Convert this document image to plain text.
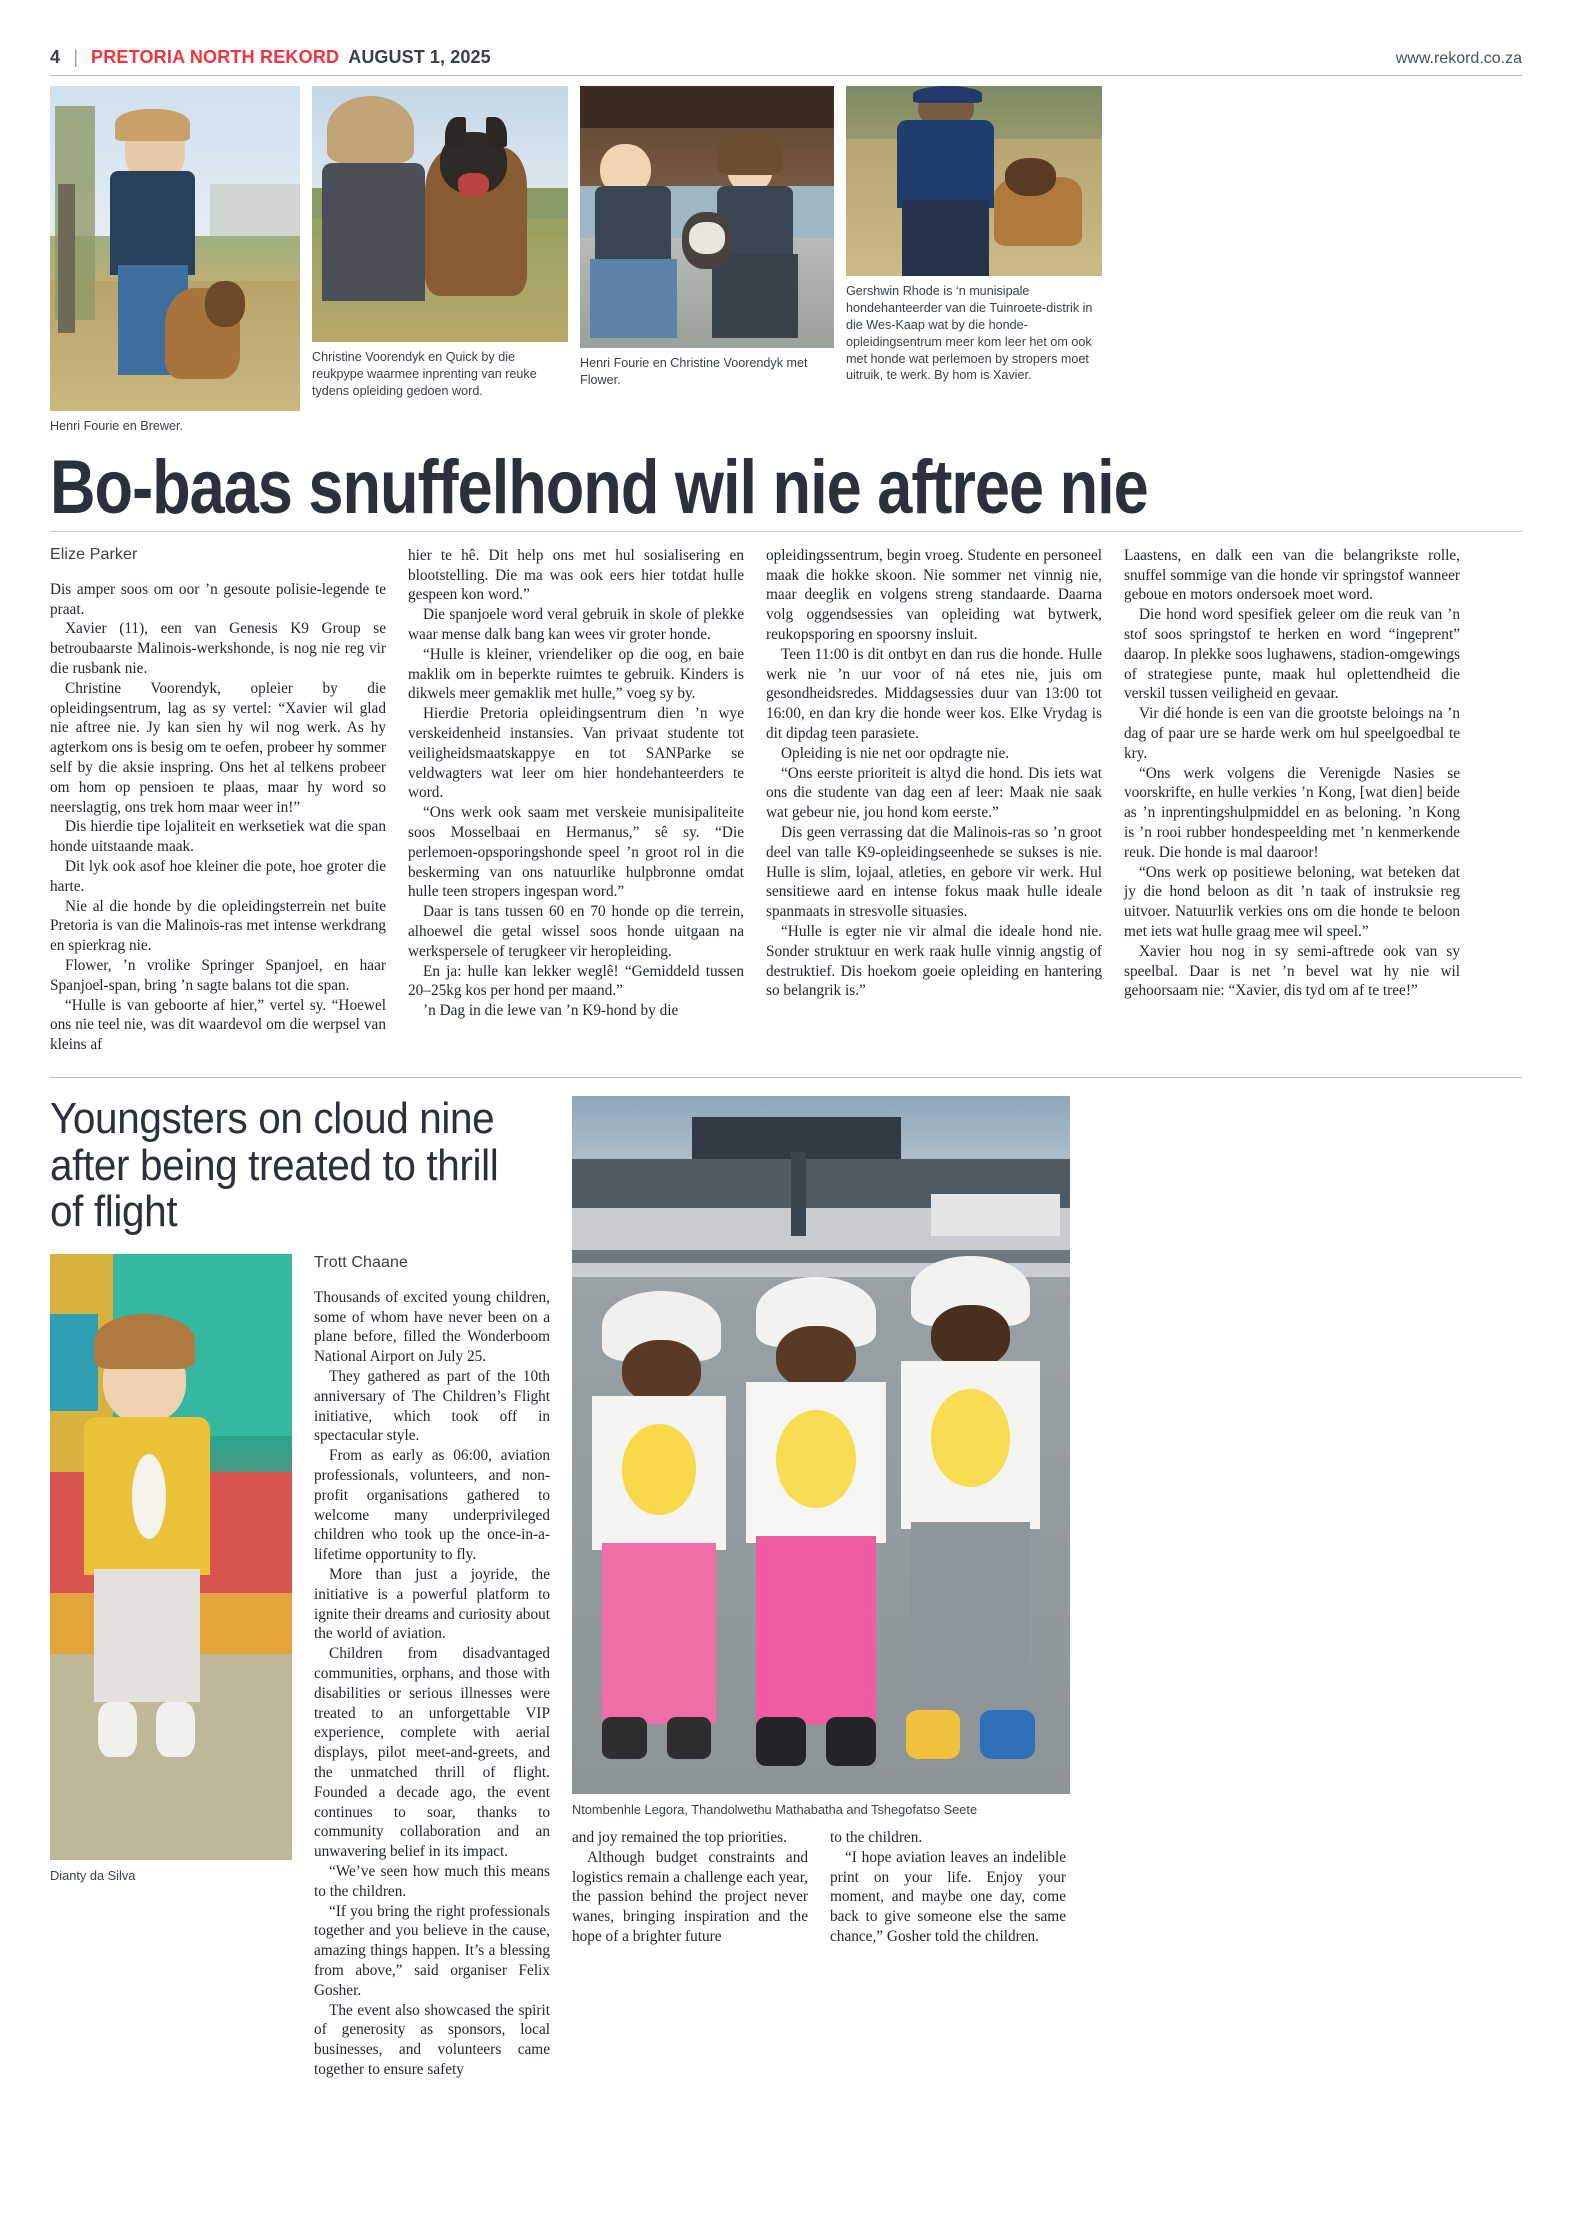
4 | PRETORIA NORTH REKORD AUGUST 1, 2025	www.rekord.co.za
Henri Fourie en Brewer.
Christine Voorendyk en Quick by die reukpype waarmee inprenting van reuke tydens opleiding gedoen word.
Henri Fourie en Christine Voorendyk met Flower.
Gershwin Rhode is ‘n munisipale hondehanteerder van die Tuinroete-distrik in die Wes-Kaap wat by die honde-opleidingsentrum meer kom leer het om ook met honde wat perlemoen by stropers moet uitruik, te werk. By hom is Xavier.
Bo-baas snuffelhond wil nie aftree nie
Elize Parker

Dis amper soos om oor ’n gesoute polisie-legende te praat.

Xavier (11), een van Genesis K9 Group se betroubaarste Malinois-werkshonde, is nog nie reg vir die rusbank nie.

Christine Voorendyk, opleier by die opleidingsentrum, lag as sy vertel: “Xavier wil glad nie aftree nie. Jy kan sien hy wil nog werk. As hy agterkom ons is besig om te oefen, probeer hy sommer self by die aksie inspring. Ons het al telkens probeer om hom op pensioen te plaas, maar hy word so neerslagtig, ons trek hom maar weer in!”

Dis hierdie tipe lojaliteit en werksetiek wat die span honde uitstaande maak.

Dit lyk ook asof hoe kleiner die pote, hoe groter die harte.

Nie al die honde by die opleidingsterrein net buite Pretoria is van die Malinois-ras met intense werkdrang en spierkrag nie.

Flower, ’n vrolike Springer Spanjoel, en haar Spanjoel-span, bring ’n sagte balans tot die span.

“Hulle is van geboorte af hier,” vertel sy. “Hoewel ons nie teel nie, was dit waardevol om die werpsel van kleins af

hier te hê. Dit help ons met hul sosialisering en blootstelling. Die ma was ook eers hier totdat hulle gespeen kon word.”

Die spanjoele word veral gebruik in skole of plekke waar mense dalk bang kan wees vir groter honde.

“Hulle is kleiner, vriendeliker op die oog, en baie maklik om in beperkte ruimtes te gebruik. Kinders is dikwels meer gemaklik met hulle,” voeg sy by.

Hierdie Pretoria opleidingsentrum dien ’n wye verskeidenheid instansies. Van privaat studente tot veiligheidsmaatskappye en tot SANParke se veldwagters wat leer om hier hondehanteerders te word.

“Ons werk ook saam met verskeie munisipaliteite soos Mosselbaai en Hermanus,” sê sy. “Die perlemoen-opsporingshonde speel ’n groot rol in die beskerming van ons natuurlike hulpbronne omdat hulle teen stropers ingespan word.”

Daar is tans tussen 60 en 70 honde op die terrein, alhoewel die getal wissel soos honde uitgaan na werkspersele of terugkeer vir heropleiding.

En ja: hulle kan lekker weglê! “Gemiddeld tussen 20–25kg kos per hond per maand.”

’n Dag in die lewe van ’n K9-hond by die

opleidingssentrum, begin vroeg. Studente en personeel maak die hokke skoon. Nie sommer net vinnig nie, maar deeglik en volgens streng standaarde. Daarna volg oggendsessies van opleiding wat bytwerk, reukopsporing en spoorsny insluit.

Teen 11:00 is dit ontbyt en dan rus die honde. Hulle werk nie ’n uur voor of ná etes nie, juis om gesondheidsredes. Middagsessies duur van 13:00 tot 16:00, en dan kry die honde weer kos. Elke Vrydag is dit dipdag teen parasiete.

Opleiding is nie net oor opdragte nie.

“Ons eerste prioriteit is altyd die hond. Dis iets wat ons die studente van dag een af leer: Maak nie saak wat gebeur nie, jou hond kom eerste.”

Dis geen verrassing dat die Malinois-ras so ’n groot deel van talle K9-opleidingseenhede se sukses is nie. Hulle is slim, lojaal, atleties, en gebore vir werk. Hul sensitiewe aard en intense fokus maak hulle ideale spanmaats in stresvolle situasies.

“Hulle is egter nie vir almal die ideale hond nie. Sonder struktuur en werk raak hulle vinnig angstig of destruktief. Dis hoekom goeie opleiding en hantering so belangrik is.”

Laastens, en dalk een van die belangrikste rolle, snuffel sommige van die honde vir springstof wanneer geboue en motors ondersoek moet word.

Die hond word spesifiek geleer om die reuk van ’n stof soos springstof te herken en word “ingeprent” daarop. In plekke soos lughawens, stadion-omgewings of strategiese punte, maak hul oplettendheid die verskil tussen veiligheid en gevaar.

Vir dié honde is een van die grootste beloings na ’n dag of paar ure se harde werk om hul speelgoedbal te kry.

“Ons werk volgens die Verenigde Nasies se voorskrifte, en hulle verkies ’n Kong, [wat dien] beide as ’n inprentingshulpmiddel en as beloning. ’n Kong is ’n rooi rubber hondespeelding met ’n kenmerkende reuk. Die honde is mal daaroor!

“Ons werk op positiewe beloning, wat beteken dat jy die hond beloon as dit ’n taak of instruksie reg uitvoer. Natuurlik verkies ons om die honde te beloon met iets wat hulle graag mee wil speel.”

Xavier hou nog in sy semi-aftrede ook van sy speelbal. Daar is net ’n bevel wat hy nie wil gehoorsaam nie: “Xavier, dis tyd om af te tree!”

Youngsters on cloud nine after being treated to thrill of flight
Dianty da Silva
Trott Chaane

Thousands of excited young children, some of whom have never been on a plane before, filled the Wonderboom National Airport on July 25.

They gathered as part of the 10th anniversary of The Children’s Flight initiative, which took off in spectacular style.

From as early as 06:00, aviation professionals, volunteers, and non-profit organisations gathered to welcome many underprivileged children who took up the once-in-a-lifetime opportunity to fly.

More than just a joyride, the initiative is a powerful platform to ignite their dreams and curiosity about the world of aviation.

Children from disadvantaged communities, orphans, and those with disabilities or serious illnesses were treated to an unforgettable VIP experience, complete with aerial displays, pilot meet-and-greets, and the unmatched thrill of flight. Founded a decade ago, the event continues to soar, thanks to community collaboration and an unwavering belief in its impact.

“We’ve seen how much this means to the children.

“If you bring the right professionals together and you believe in the cause, amazing things happen. It’s a blessing from above,” said organiser Felix Gosher.

The event also showcased the spirit of generosity as sponsors, local businesses, and volunteers came together to ensure safety

Ntombenhle Legora, Thandolwethu Mathabatha and Tshegofatso Seete

and joy remained the top priorities.

Although budget constraints and logistics remain a challenge each year, the passion behind the project never wanes, bringing inspiration and the hope of a brighter future

to the children.

“I hope aviation leaves an indelible print on your life. Enjoy your moment, and maybe one day, come back to give someone else the same chance,” Gosher told the children.
